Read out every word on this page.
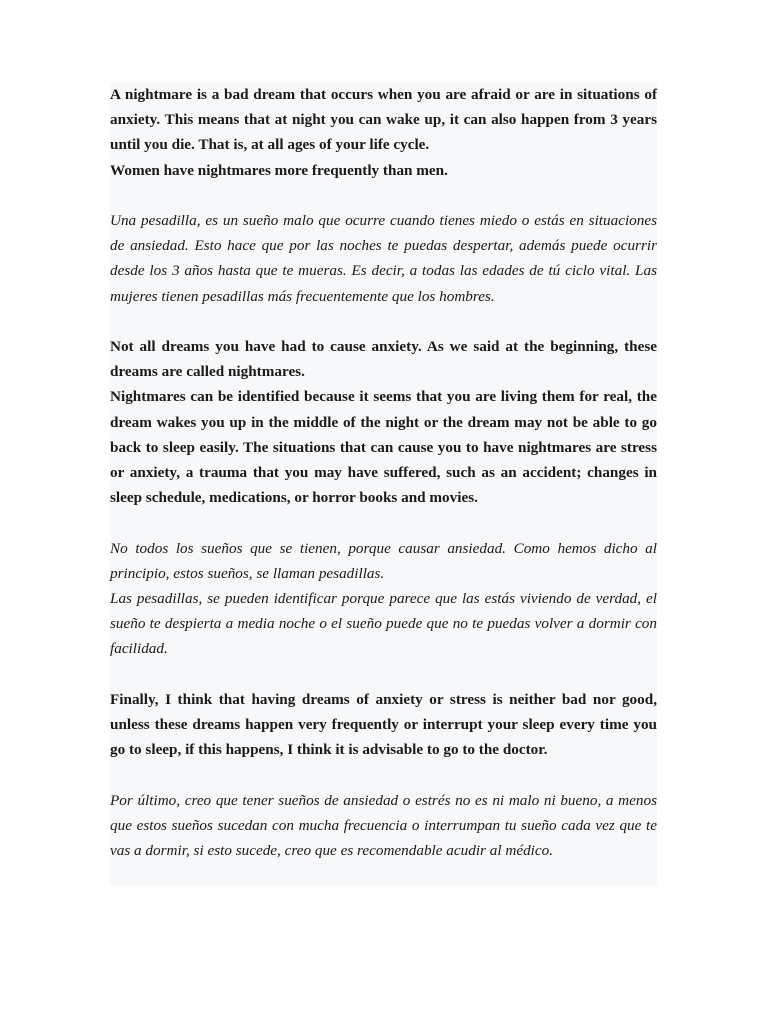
A nightmare is a bad dream that occurs when you are afraid or are in situations of anxiety. This means that at night you can wake up, it can also happen from 3 years until you die. That is, at all ages of your life cycle.

Women have nightmares more frequently than men.

Una pesadilla, es un sueño malo que ocurre cuando tienes miedo o estás en situaciones de ansiedad. Esto hace que por las noches te puedas despertar, además puede ocurrir desde los 3 años hasta que te mueras. Es decir, a todas las edades de tú ciclo vital. Las mujeres tienen pesadillas más frecuentemente que los hombres.

Not all dreams you have had to cause anxiety. As we said at the beginning, these dreams are called nightmares.

Nightmares can be identified because it seems that you are living them for real, the dream wakes you up in the middle of the night or the dream may not be able to go back to sleep easily. The situations that can cause you to have nightmares are stress or anxiety, a trauma that you may have suffered, such as an accident; changes in sleep schedule, medications, or horror books and movies.

No todos los sueños que se tienen, porque causar ansiedad. Como hemos dicho al principio, estos sueños, se llaman pesadillas.

Las pesadillas, se pueden identificar porque parece que las estás viviendo de verdad, el sueño te despierta a media noche o el sueño puede que no te puedas volver a dormir con facilidad.

Finally, I think that having dreams of anxiety or stress is neither bad nor good, unless these dreams happen very frequently or interrupt your sleep every time you go to sleep, if this happens, I think it is advisable to go to the doctor.

Por último, creo que tener sueños de ansiedad o estrés no es ni malo ni bueno, a menos que estos sueños sucedan con mucha frecuencia o interrumpan tu sueño cada vez que te vas a dormir, si esto sucede, creo que es recomendable acudir al médico.
